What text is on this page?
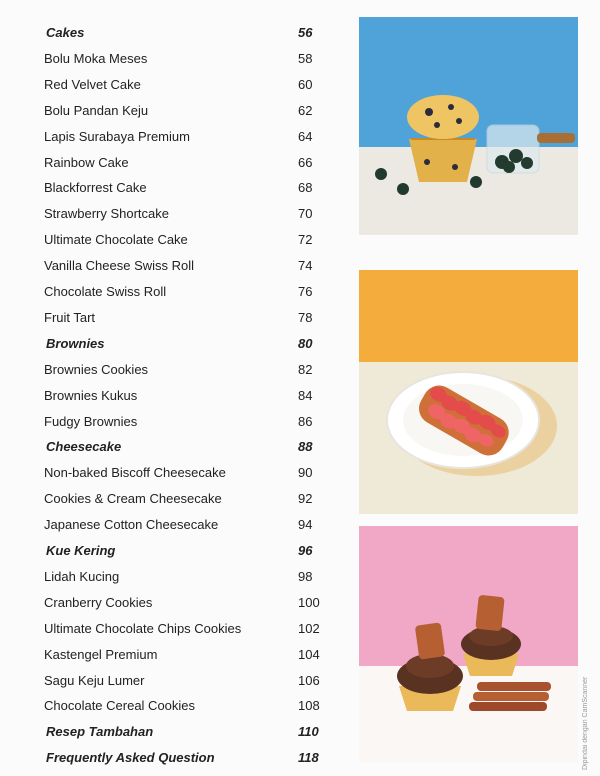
Cakes	56
Bolu Moka Meses	58
Red Velvet Cake	60
Bolu Pandan Keju	62
Lapis Surabaya Premium	64
Rainbow Cake	66
Blackforrest Cake	68
Strawberry Shortcake	70
Ultimate Chocolate Cake	72
Vanilla Cheese Swiss Roll	74
Chocolate Swiss Roll	76
Fruit Tart	78
Brownies	80
Brownies Cookies	82
Brownies Kukus	84
Fudgy Brownies	86
Cheesecake	88
Non-baked Biscoff Cheesecake	90
Cookies & Cream Cheesecake	92
Japanese Cotton Cheesecake	94
Kue Kering	96
Lidah Kucing	98
Cranberry Cookies	100
Ultimate Chocolate Chips Cookies	102
Kastengel Premium	104
Sagu Keju Lumer	106
Chocolate Cereal Cookies	108
Resep Tambahan	110
Frequently Asked Question	118	Dipindai dengan CamScanner
